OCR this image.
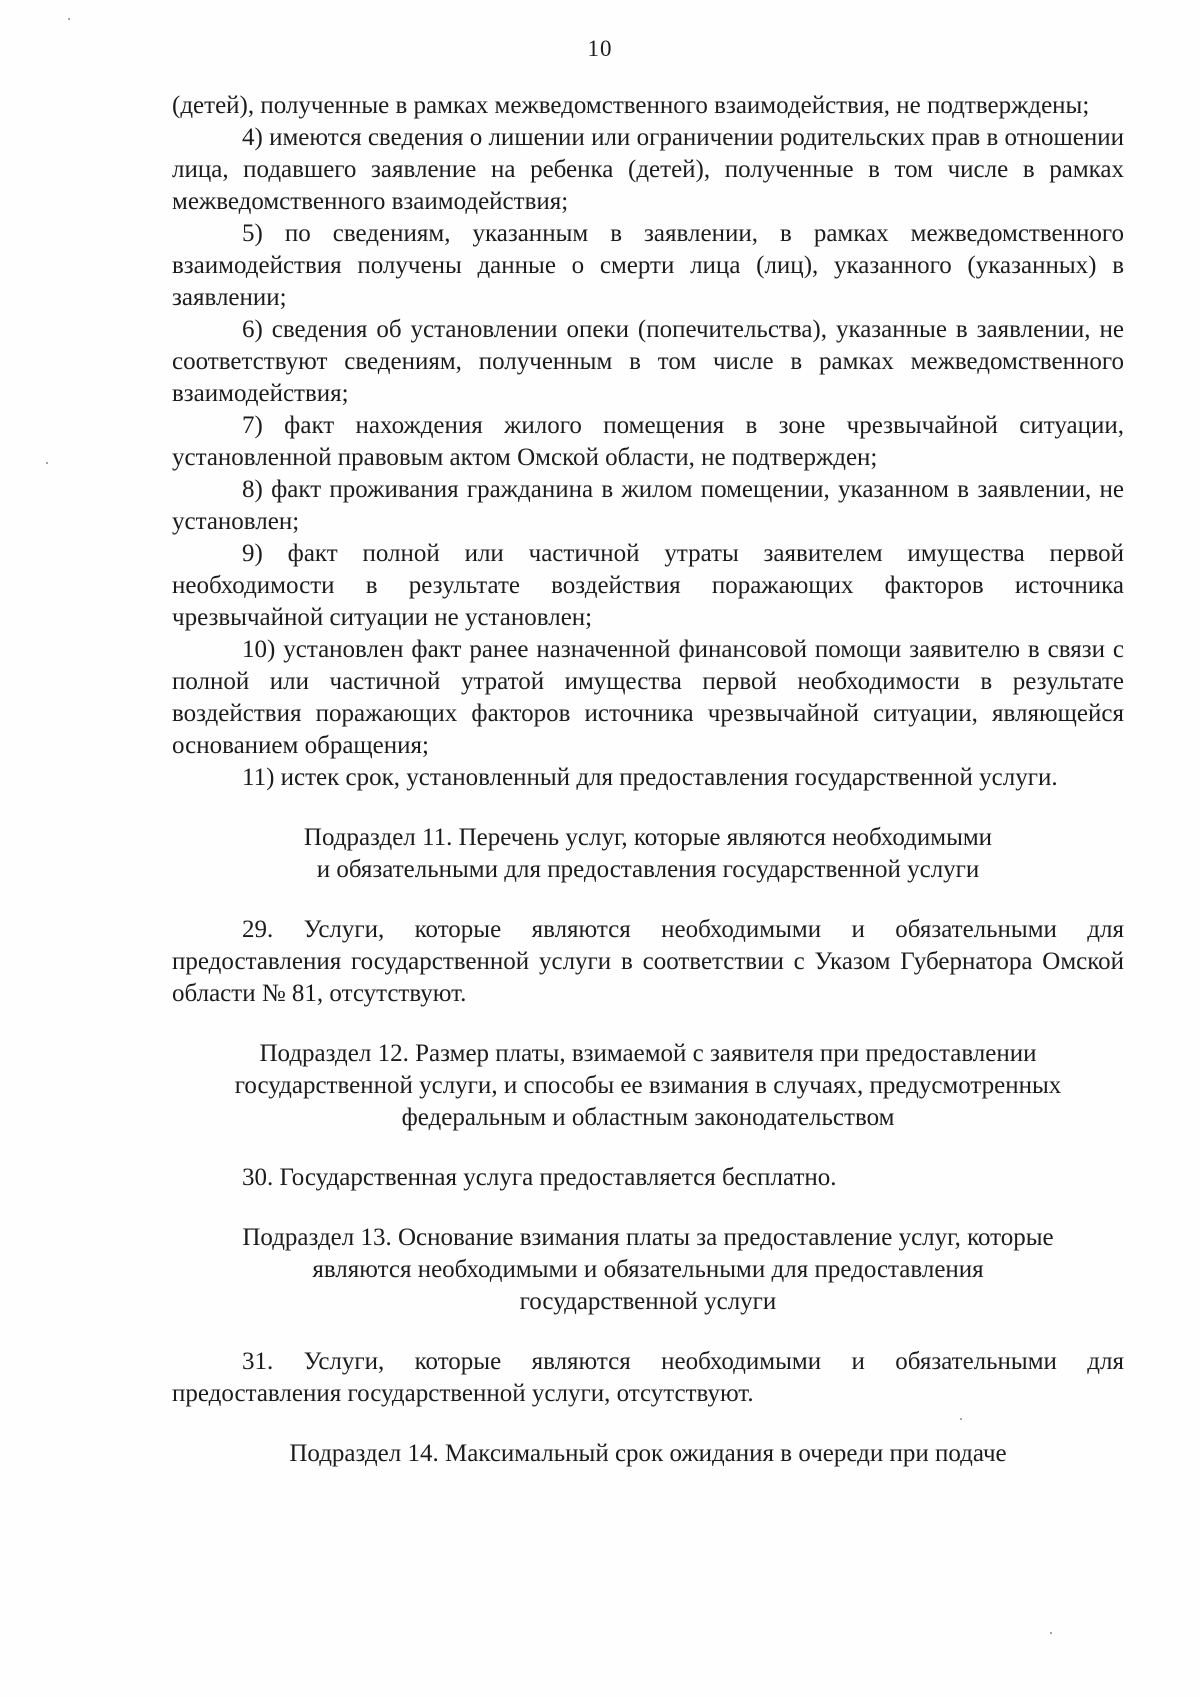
10

(детей), полученные в рамках межведомственного взаимодействия, не подтверждены;

4) имеются сведения о лишении или ограничении родительских прав в отношении лица, подавшего заявление на ребенка (детей), полученные в том числе в рамках межведомственного взаимодействия;

5) по сведениям, указанным в заявлении, в рамках межведомственного взаимодействия получены данные о смерти лица (лиц), указанного (указанных) в заявлении;

6) сведения об установлении опеки (попечительства), указанные в заявлении, не соответствуют сведениям, полученным в том числе в рамках межведомственного взаимодействия;

7) факт нахождения жилого помещения в зоне чрезвычайной ситуации, установленной правовым актом Омской области, не подтвержден;

8) факт проживания гражданина в жилом помещении, указанном в заявлении, не установлен;

9) факт полной или частичной утраты заявителем имущества первой необходимости в результате воздействия поражающих факторов источника чрезвычайной ситуации не установлен;

10) установлен факт ранее назначенной финансовой помощи заявителю в связи с полной или частичной утратой имущества первой необходимости в результате воздействия поражающих факторов источника чрезвычайной ситуации, являющейся основанием обращения;

11) истек срок, установленный для предоставления государственной услуги.

Подраздел 11. Перечень услуг, которые являются необходимыми
и обязательными для предоставления государственной услуги

29. Услуги, которые являются необходимыми и обязательными для предоставления государственной услуги в соответствии с Указом Губернатора Омской области № 81, отсутствуют.

Подраздел 12. Размер платы, взимаемой с заявителя при предоставлении
государственной услуги, и способы ее взимания в случаях, предусмотренных
федеральным и областным законодательством

30. Государственная услуга предоставляется бесплатно.

Подраздел 13. Основание взимания платы за предоставление услуг, которые
являются необходимыми и обязательными для предоставления
государственной услуги

31. Услуги, которые являются необходимыми и обязательными для предоставления государственной услуги, отсутствуют.

Подраздел 14. Максимальный срок ожидания в очереди при подаче
